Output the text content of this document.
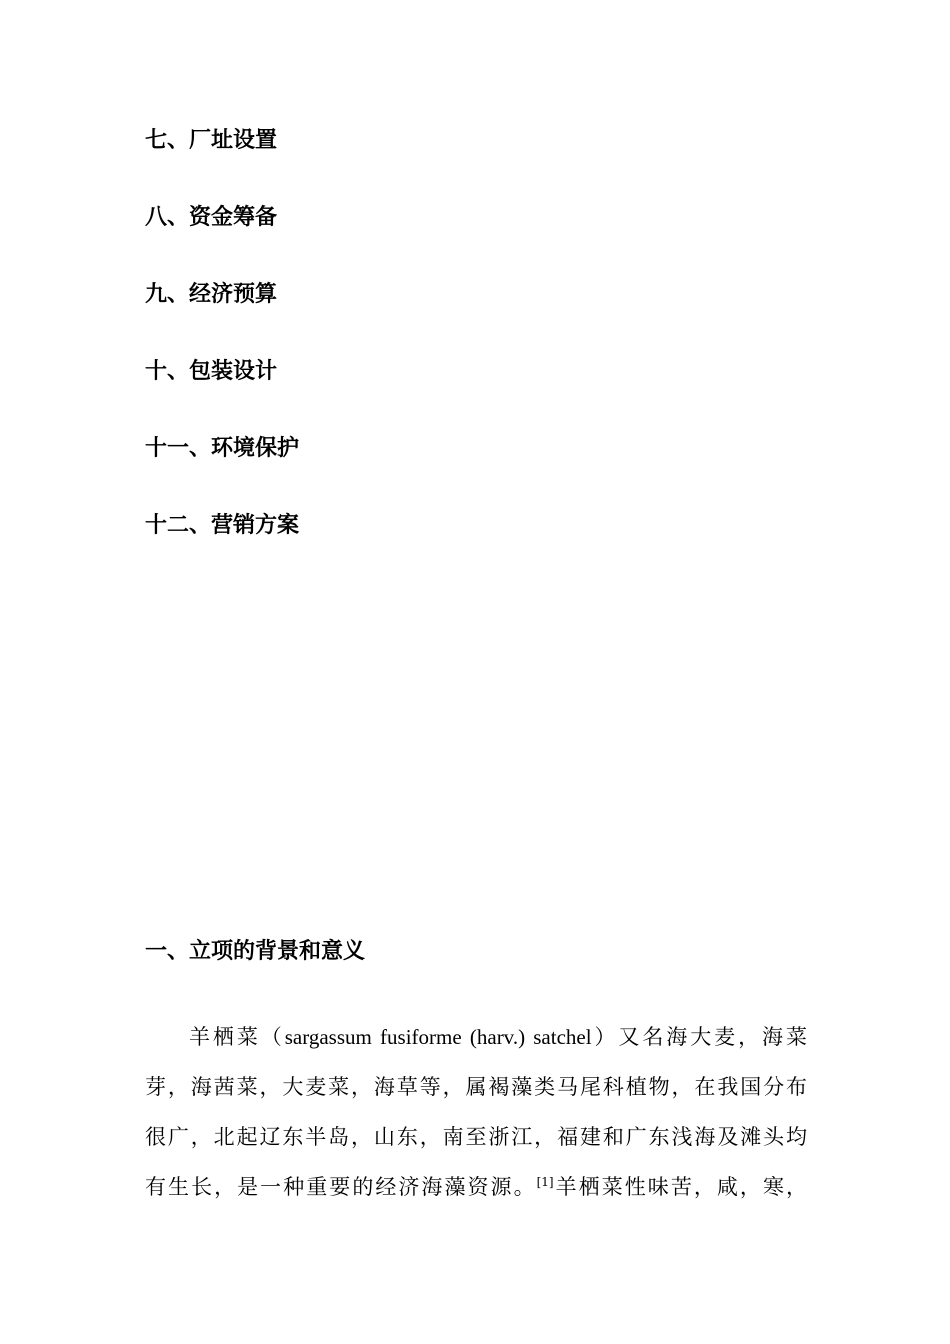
七、厂址设置
八、资金筹备
九、经济预算
十、包装设计
十一、环境保护
十二、营销方案
一、立项的背景和意义

羊栖菜（sargassum fusiforme (harv.) satchel）又名海大麦，海菜
芽，海茜菜，大麦菜，海草等，属褐藻类马尾科植物，在我国分布
很广，北起辽东半岛，山东，南至浙江，福建和广东浅海及滩头均
有生长，是一种重要的经济海藻资源。[1]羊栖菜性味苦，咸，寒，
